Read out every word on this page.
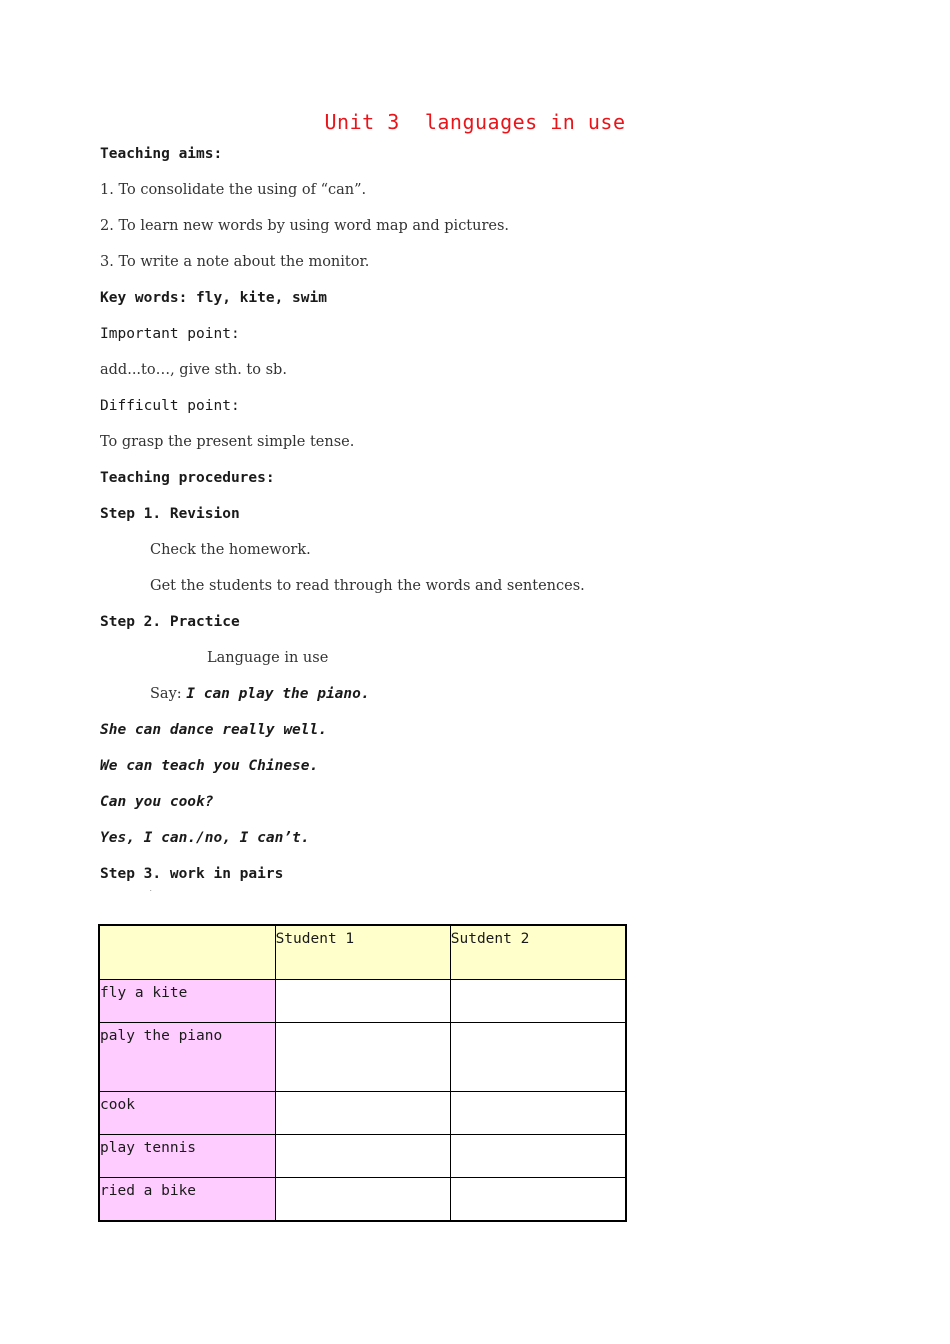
Unit 3  languages in use
Teaching aims:
1. To consolidate the using of “can”.
2. To learn new words by using word map and pictures.
3. To write a note about the monitor.
Key words: fly, kite, swim
Important point:
add...to…, give sth. to sb.
Difficult point:
To grasp the present simple tense.
Teaching procedures:
Step 1. Revision
Check the homework.
Get the students to read through the words and sentences.
Step 2. Practice
Language in use
Say: I can play the piano.
She can dance really well.
We can teach you Chinese.
Can you cook?
Yes, I can./no, I can’t.
Step 3. work in pairs
˙
	Student 1	Sutdent 2
fly a kite		
paly the piano		
cook		
play tennis		
ried a bike		
